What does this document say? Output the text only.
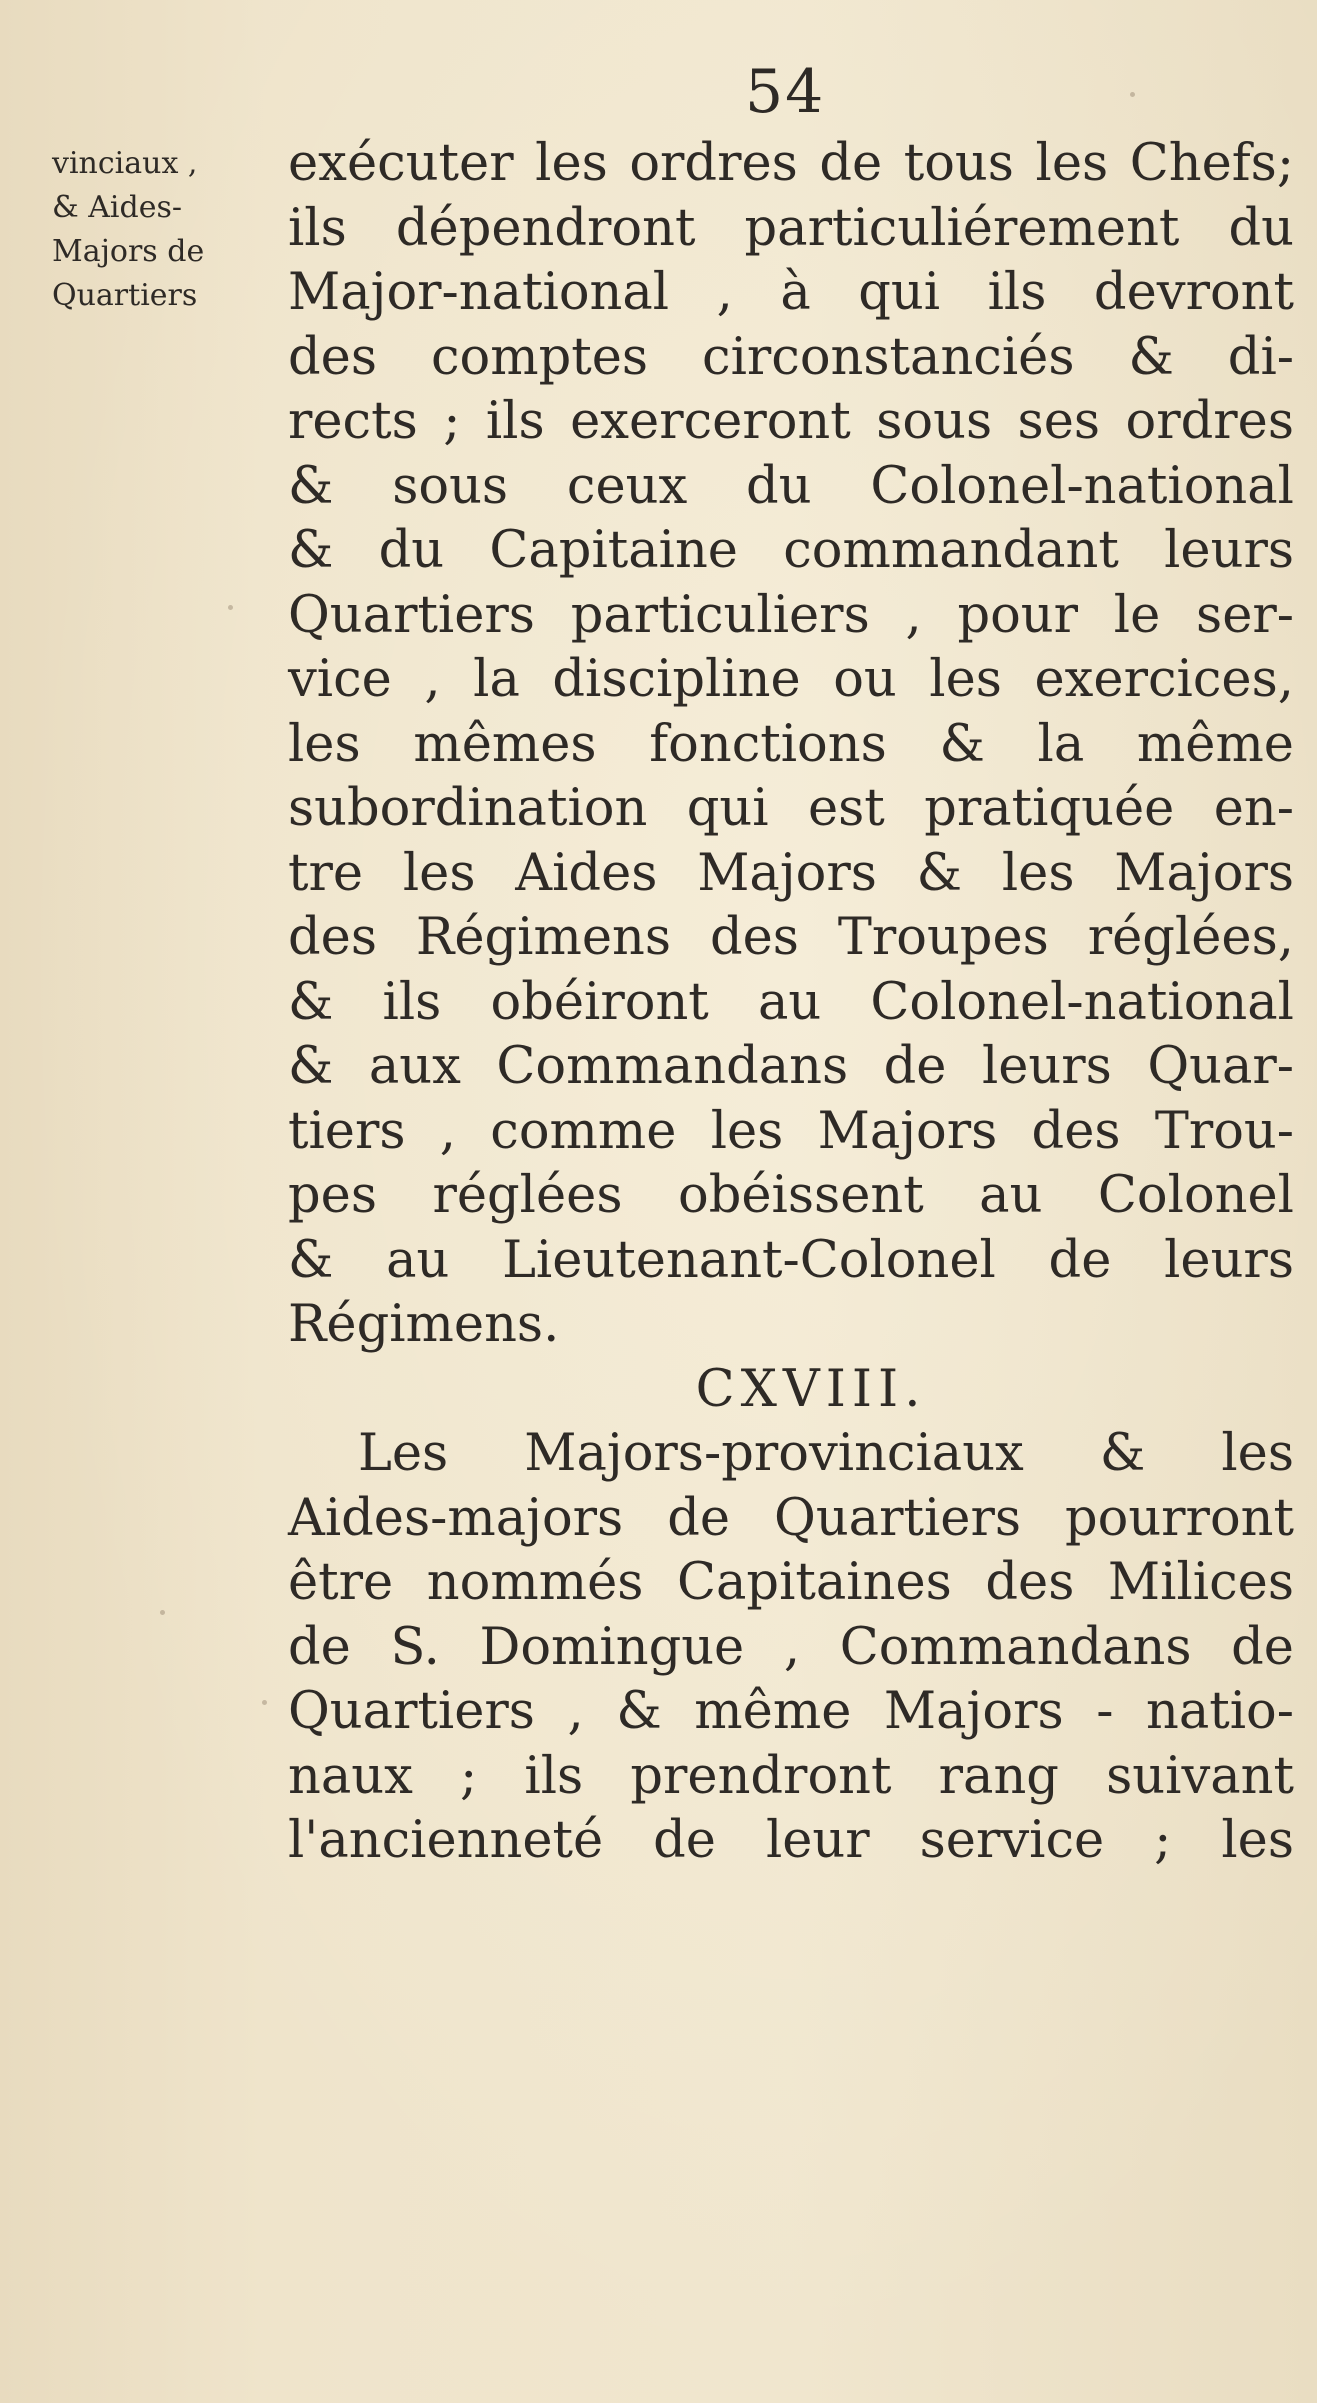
54
vinciaux ,
& Aides-
Majors de
Quartiers
exécuter les ordres de tous les Chefs;
ils dépendront particuliérement du
Major-national , à qui ils devront
des comptes circonstanciés & di-
rects ; ils exerceront sous ses ordres
& sous ceux du Colonel-national
& du Capitaine commandant leurs
Quartiers particuliers , pour le ser-
vice , la discipline ou les exercices,
les mêmes fonctions & la même
subordination qui est pratiquée en-
tre les Aides Majors & les Majors
des Régimens des Troupes réglées,
& ils obéiront au Colonel-national
& aux Commandans de leurs Quar-
tiers , comme les Majors des Trou-
pes réglées obéissent au Colonel
& au Lieutenant-Colonel de leurs
Régimens.
CXVIII.
Les Majors-provinciaux & les
Aides-majors de Quartiers pourront
être nommés Capitaines des Milices
de S. Domingue , Commandans de
Quartiers , & même Majors - natio-
naux ; ils prendront rang suivant
l'ancienneté de leur service ; les
